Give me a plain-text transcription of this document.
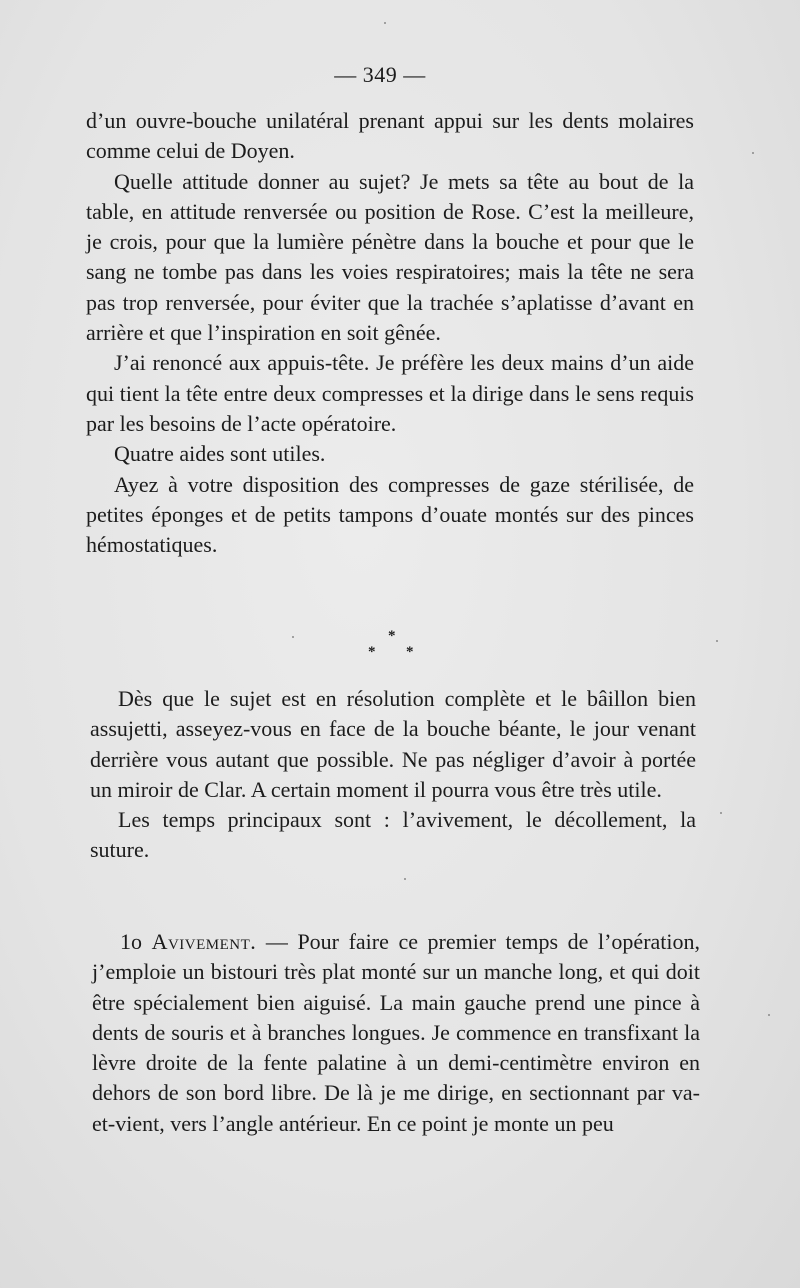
— 349 —

d’un ouvre-bouche unilatéral prenant appui sur les dents molaires comme celui de Doyen.

Quelle attitude donner au sujet? Je mets sa tête au bout de la table, en attitude renversée ou position de Rose. C’est la meilleure, je crois, pour que la lumière pénètre dans la bouche et pour que le sang ne tombe pas dans les voies respiratoires; mais la tête ne sera pas trop renversée, pour éviter que la trachée s’aplatisse d’avant en arrière et que l’inspiration en soit gênée.

J’ai renoncé aux appuis-tête. Je préfère les deux mains d’un aide qui tient la tête entre deux compresses et la dirige dans le sens requis par les besoins de l’acte opératoire.

Quatre aides sont utiles.

Ayez à votre disposition des compresses de gaze stérilisée, de petites éponges et de petits tampons d’ouate montés sur des pinces hémostatiques.

*
* *

Dès que le sujet est en résolution complète et le bâillon bien assujetti, asseyez-vous en face de la bouche béante, le jour venant derrière vous autant que possible. Ne pas négliger d’avoir à portée un miroir de Clar. A certain moment il pourra vous être très utile.

Les temps principaux sont : l’avivement, le décollement, la suture.

1o Avivement. — Pour faire ce premier temps de l’opération, j’emploie un bistouri très plat monté sur un manche long, et qui doit être spécialement bien aiguisé. La main gauche prend une pince à dents de souris et à branches longues. Je commence en transfixant la lèvre droite de la fente palatine à un demi-centimètre environ en dehors de son bord libre. De là je me dirige, en sectionnant par va-et-vient, vers l’angle antérieur. En ce point je monte un peu
